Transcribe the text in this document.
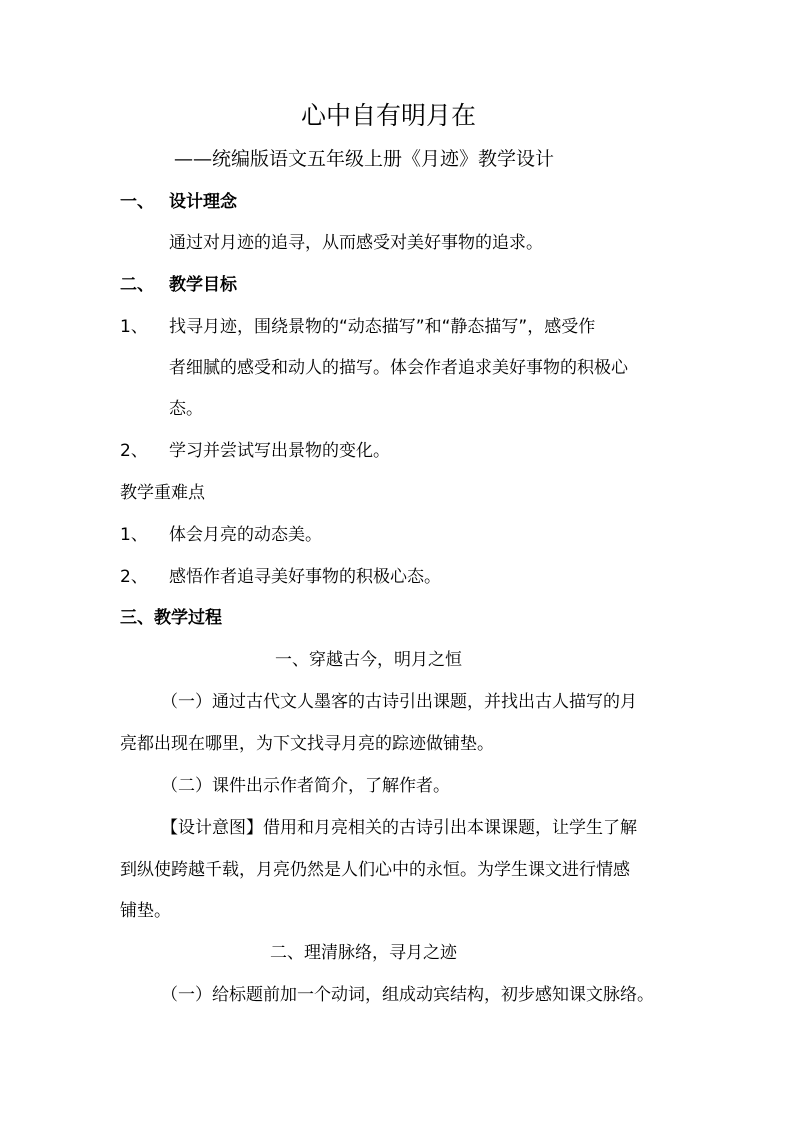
心中自有明月在
——统编版语文五年级上册《月迹》教学设计
一、 设计理念
通过对月迹的追寻，从而感受对美好事物的追求。
二、 教学目标
1、 找寻月迹，围绕景物的“动态描写”和“静态描写”，感受作
者细腻的感受和动人的描写。体会作者追求美好事物的积极心
态。
2、 学习并尝试写出景物的变化。
教学重难点
1、 体会月亮的动态美。
2、 感悟作者追寻美好事物的积极心态。
三、教学过程
一、穿越古今，明月之恒
（一）通过古代文人墨客的古诗引出课题，并找出古人描写的月
亮都出现在哪里，为下文找寻月亮的踪迹做铺垫。
（二）课件出示作者简介，了解作者。
【设计意图】借用和月亮相关的古诗引出本课课题，让学生了解
到纵使跨越千载，月亮仍然是人们心中的永恒。为学生课文进行情感
铺垫。
二、理清脉络，寻月之迹
（一）给标题前加一个动词，组成动宾结构，初步感知课文脉络。
